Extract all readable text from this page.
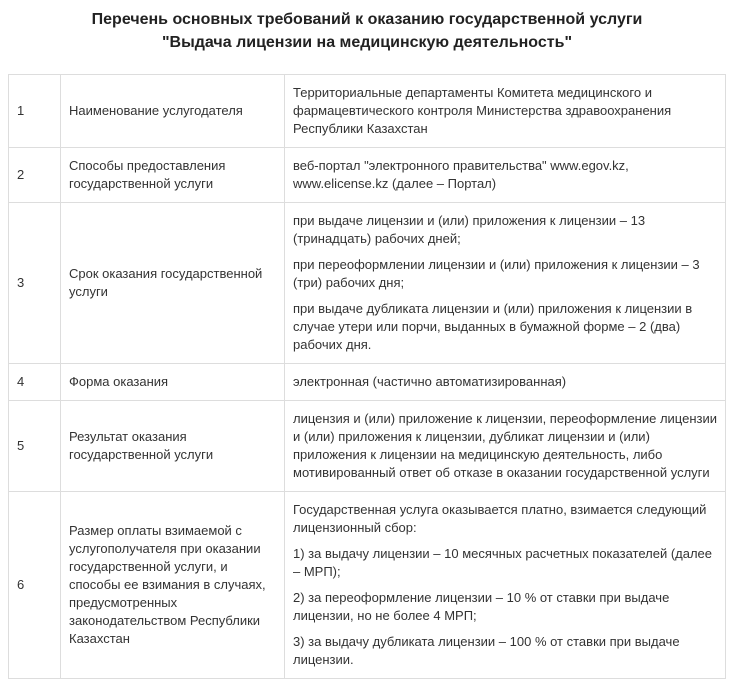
Перечень основных требований к оказанию государственной услуги
"Выдача лицензии на медицинскую деятельность"
1	Наименование услугодателя	Территориальные департаменты Комитета медицинского и фармацевтического контроля Министерства здравоохранения Республики Казахстан

2	Способы предоставления государственной услуги	веб-портал "электронного правительства" www.egov.kz, www.elicense.kz (далее – Портал)

3	Срок оказания государственной услуги	при выдаче лицензии и (или) приложения к лицензии – 13 (тринадцать) рабочих дней;

при переоформлении лицензии и (или) приложения к лицензии – 3 (три) рабочих дня;

при выдаче дубликата лицензии и (или) приложения к лицензии в случае утери или порчи, выданных в бумажной форме – 2 (два) рабочих дня.

4	Форма оказания	электронная (частично автоматизированная)

5	Результат оказания государственной услуги	лицензия и (или) приложение к лицензии, переоформление лицензии и (или) приложения к лицензии, дубликат лицензии и (или) приложения к лицензии на медицинскую деятельность, либо мотивированный ответ об отказе в оказании государственной услуги

6	Размер оплаты взимаемой с услугополучателя при оказании государственной услуги, и способы ее взимания в случаях, предусмотренных законодательством Республики Казахстан	Государственная услуга оказывается платно, взимается следующий лицензионный сбор:

1) за выдачу лицензии – 10 месячных расчетных показателей (далее – МРП);

2) за переоформление лицензии – 10 % от ставки при выдаче лицензии, но не более 4 МРП;

3) за выдачу дубликата лицензии – 100 % от ставки при выдаче лицензии.
